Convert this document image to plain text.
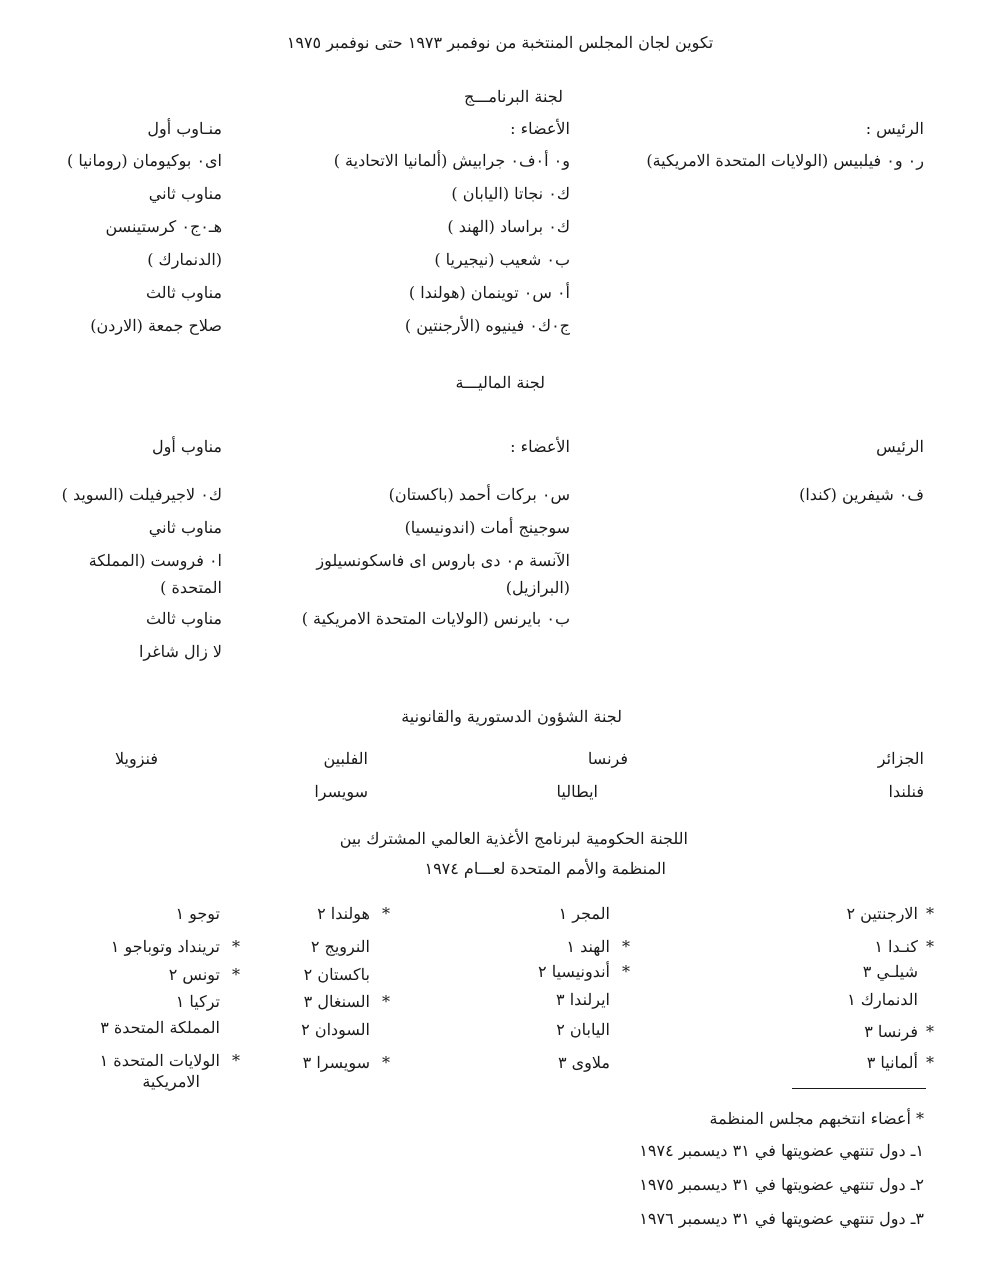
تكوين لجان المجلس المنتخبة من نوفمبر ١٩٧٣ حتى نوفمبر ١٩٧٥
لجنة البرنامـــج
الرئيس :
ر٠ و٠ فيلبيس (الولايات المتحدة الامريكية)
الأعضاء :
و٠ أ٠ف٠ جرابيش (ألمانيا الاتحادية )
ك٠ نجاتا (اليابان )
ك٠ براساد (الهند )
ب٠ شعيب (نيجيريا )
أ٠ س٠ توينمان (هولندا )
ج٠ك٠ فينيوه (الأرجنتين )
منـاوب أول
اى٠ بوكيومان (رومانيا )
مناوب ثاني
هـ٠ج٠ كرستينسن
(الدنمارك )
مناوب ثالث
صلاح جمعة (الاردن)
لجنة الماليـــة
الرئيس
ف٠ شيفرين (كندا)
الأعضاء :
س٠ بركات أحمد (باكستان)
سوجينج أمات (اندونيسيا)
الآنسة م٠ دى باروس اى فاسكونسيلوز
(البرازيل)
ب٠ بايرنس (الولايات المتحدة الامريكية )
مناوب أول
ك٠ لاجيرفيلت (السويد )
مناوب ثاني
ا٠ فروست (المملكة
المتحدة )
مناوب ثالث
لا زال شاغرا
لجنة الشؤون الدستورية والقانونية
الجزائر
فرنسا
الفلبين
فنزويلا
فنلندا
ايطاليا
سويسرا
اللجنة الحكومية لبرنامج الأغذية العالمي المشترك بين
المنظمة والأمم المتحدة لعـــام ١٩٧٤
*
الارجنتين ٢
*
كنـدا ١
شيلـي ٣
الدنمارك ١
*
فرنسا ٣
*
ألمانيا ٣
المجر ١
*
الهند ١
*
أندونيسيا ٢
ايرلندا ٣
اليابان ٢
ملاوى ٣
*
هولندا ٢
النرويج ٢
باكستان ٢
*
السنغال ٣
السودان ٢
*
سويسرا ٣
توجو ١
*
ترينداد وتوباجو ١
*
تونس ٢
تركيا ١
المملكة المتحدة ٣
*
الولايات المتحدة ١
الامريكية
* أعضاء انتخبهم مجلس المنظمة
١ـ دول تنتهي عضويتها في ٣١ ديسمبر ١٩٧٤
٢ـ دول تنتهي عضويتها في ٣١ ديسمبر ١٩٧٥
٣ـ دول تنتهي عضويتها في ٣١ ديسمبر ١٩٧٦
